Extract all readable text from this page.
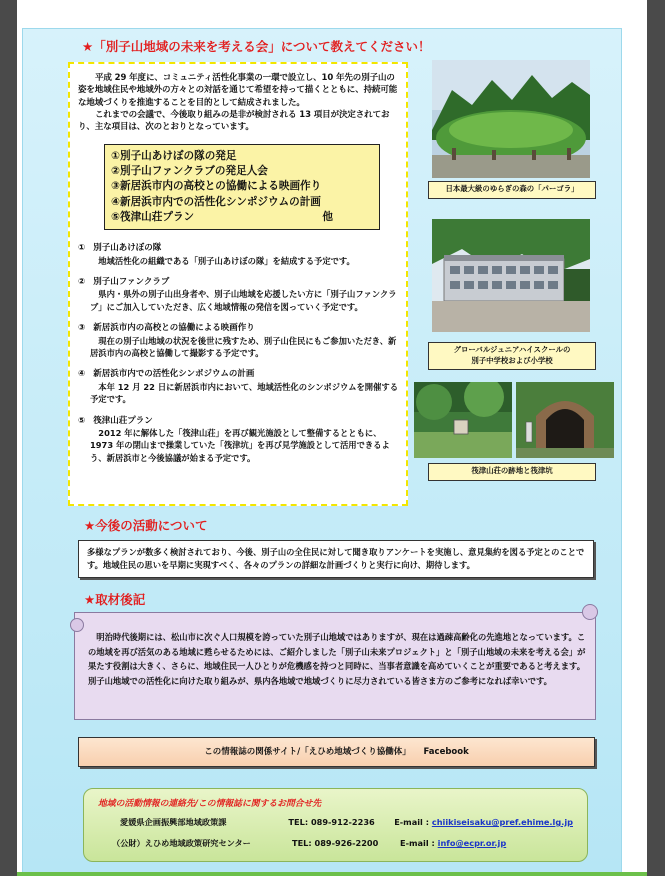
★「別子山地域の未来を考える会」について教えてください！

平成 29 年度に、コミュニティ活性化事業の一環で設立し、10 年先の別子山の姿を地域住民や地域外の方々との対話を通じて希望を持って描くとともに、持続可能な地域づくりを推進することを目的として結成されました。

これまでの会議で、今後取り組みの是非が検討される 13 項目が決定されており、主な項目は、次のとおりとなっています。

①別子山あけぼの隊の発足
②別子山ファンクラブの発足人会
③新居浜市内の高校との協働による映画作り
④新居浜市内での活性化シンポジウムの計画
⑤筏津山荘プラン	他
① 別子山あけぼの隊
地域活性化の組織である「別子山あけぼの隊」を結成する予定です。
② 別子山ファンクラブ
県内・県外の別子山出身者や、別子山地域を応援したい方に「別子山ファンクラブ」にご加入していただき、広く地域情報の発信を図っていく予定です。
③ 新居浜市内の高校との協働による映画作り
現在の別子山地域の状況を後世に残すため、別子山住民にもご参加いただき、新居浜市内の高校と協働して撮影する予定です。
④ 新居浜市内での活性化シンポジウムの計画
本年 12 月 22 日に新居浜市内において、地域活性化のシンポジウムを開催する予定です。
⑤ 筏津山荘プラン
2012 年に解体した「筏津山荘」を再び観光施設として整備するとともに、1973 年の閉山まで操業していた「筏津坑」を再び見学施設として活用できるよう、新居浜市と今後協議が始まる予定です。
日本最大級のゆらぎの森の「パーゴラ」
グローバルジュニアハイスクールの
別子中学校および小学校
筏津山荘の跡地と筏津坑
★今後の活動について
多様なプランが数多く検討されており、今後、別子山の全住民に対して聞き取りアンケートを実施し、意見集約を図る予定とのことです。地域住民の思いを早期に実現すべく、各々のプランの詳細な計画づくりと実行に向け、期待します。
★取材後記
明治時代後期には、松山市に次ぐ人口規模を誇っていた別子山地域ではありますが、現在は過疎高齢化の先進地となっています。この地域を再び活気のある地域に甦らせるためには、ご紹介しました「別子山未来プロジェクト」と「別子山地域の未来を考える会」が果たす役割は大きく、さらに、地域住民一人ひとりが危機感を持つと同時に、当事者意識を高めていくことが重要であると考えます。別子山地域での活性化に向けた取り組みが、県内各地域で地域づくりに尽力されている皆さま方のご参考になれば幸いです。
この情報誌の関係サイト/「えひめ地域づくり協働体」　　Facebook
地域の活動情報の連絡先/この情報誌に関するお問合せ先
愛媛県企画振興部地域政策課	TEL: 089-912-2236	E-mail : chiikiseisaku@pref.ehime.lg.jp
（公財）えひめ地域政策研究センター	TEL: 089-926-2200	E-mail : info@ecpr.or.jp
